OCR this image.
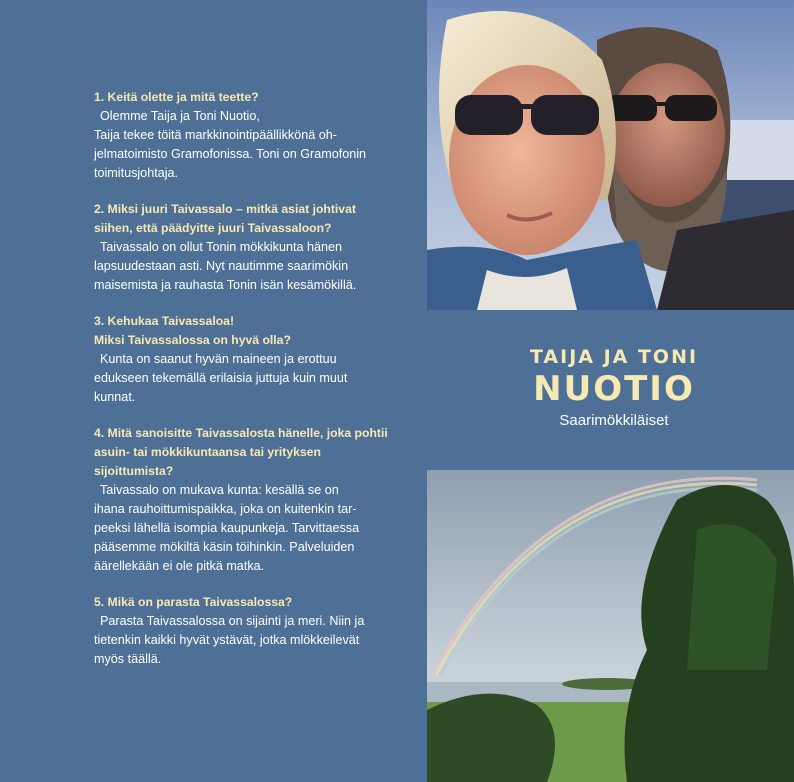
1. Keitä olette ja mitä teette?
Olemme Taija ja Toni Nuotio,
Taija tekee töitä markkinointipäällikkönä oh-
jelmatoimisto Gramofonissa. Toni on Gramofonin
toimitusjohtaja.
2. Miksi juuri Taivassalo – mitkä asiat johtivat
siihen, että päädyitte juuri Taivassaloon?
Taivassalo on ollut Tonin mökkikunta hänen
lapsuudestaan asti. Nyt nautimme saarimökin
maisemista ja rauhasta Tonin isän kesämökillä.
3. Kehukaa Taivassaloa!
Miksi Taivassalossa on hyvä olla?
Kunta on saanut hyvän maineen ja erottuu
edukseen tekemällä erilaisia juttuja kuin muut
kunnat.
4. Mitä sanoisitte Taivassalosta hänelle, joka pohtii
asuin- tai mökkikuntaansa tai yrityksen sijoittumista?
Taivassalo on mukava kunta: kesällä se on
ihana rauhoittumispaikka, joka on kuitenkin tar-
peeksi lähellä isompia kaupunkeja. Tarvittaessa
pääsemme mökiltä käsin töihinkin. Palveluiden
äärellekään ei ole pitkä matka.
5. Mikä on parasta Taivassalossa?
Parasta Taivassalossa on sijainti ja meri. Niin ja
tietenkin kaikki hyvät ystävät, jotka mlökkeilevät
myös täällä.
TAIJA JA TONI
NUOTIO
Saarimökkiläiset
